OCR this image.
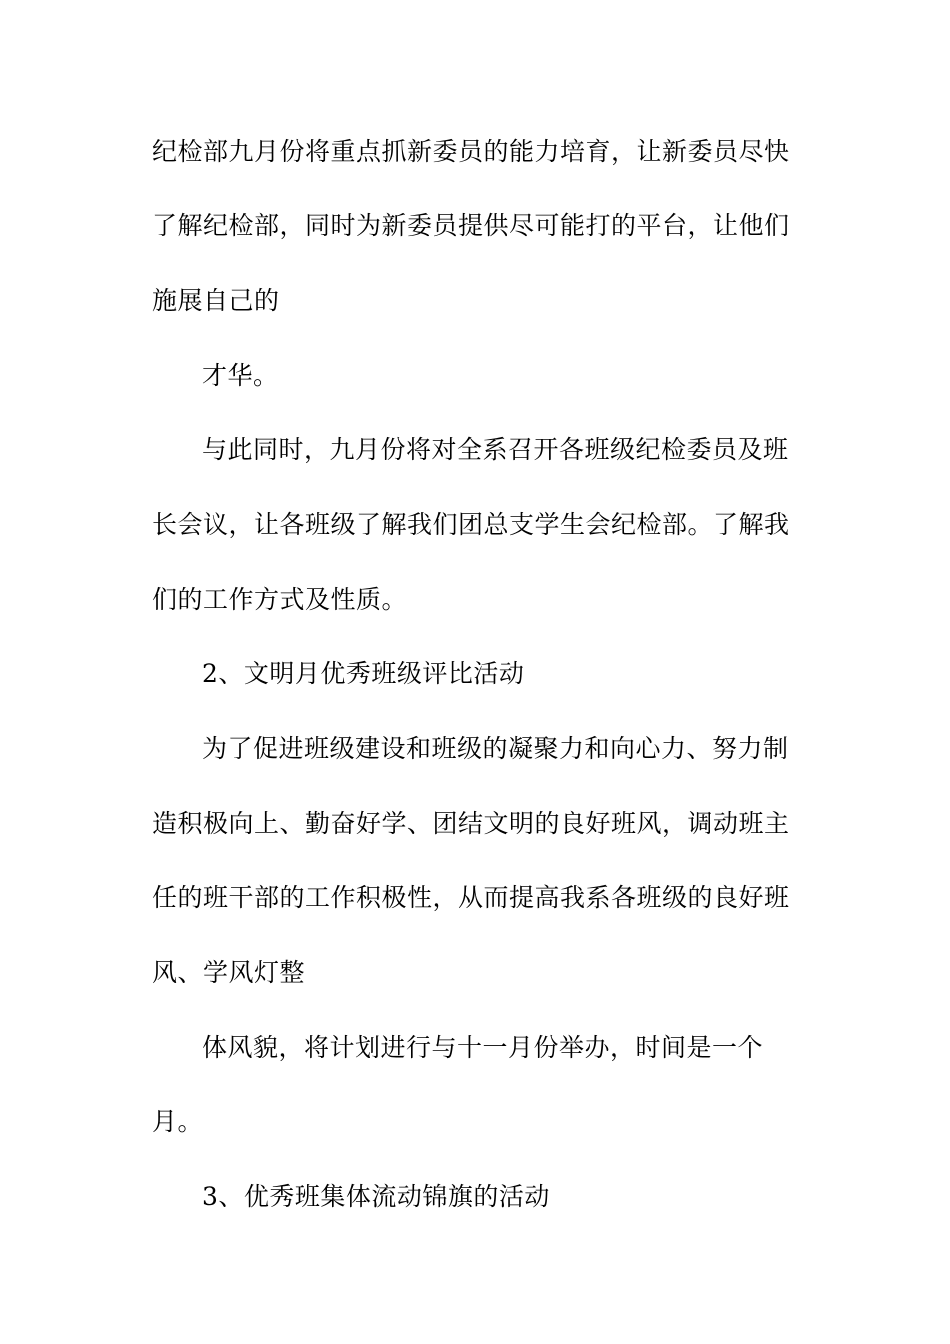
纪检部九月份将重点抓新委员的能力培育，让新委员尽快
了解纪检部，同时为新委员提供尽可能打的平台，让他们
施展自己的
才华。
与此同时，九月份将对全系召开各班级纪检委员及班
长会议，让各班级了解我们团总支学生会纪检部。了解我
们的工作方式及性质。
2、文明月优秀班级评比活动
为了促进班级建设和班级的凝聚力和向心力、努力制
造积极向上、勤奋好学、团结文明的良好班风，调动班主
任的班干部的工作积极性，从而提高我系各班级的良好班
风、学风灯整
体风貌，将计划进行与十一月份举办，时间是一个
月。
3、优秀班集体流动锦旗的活动
